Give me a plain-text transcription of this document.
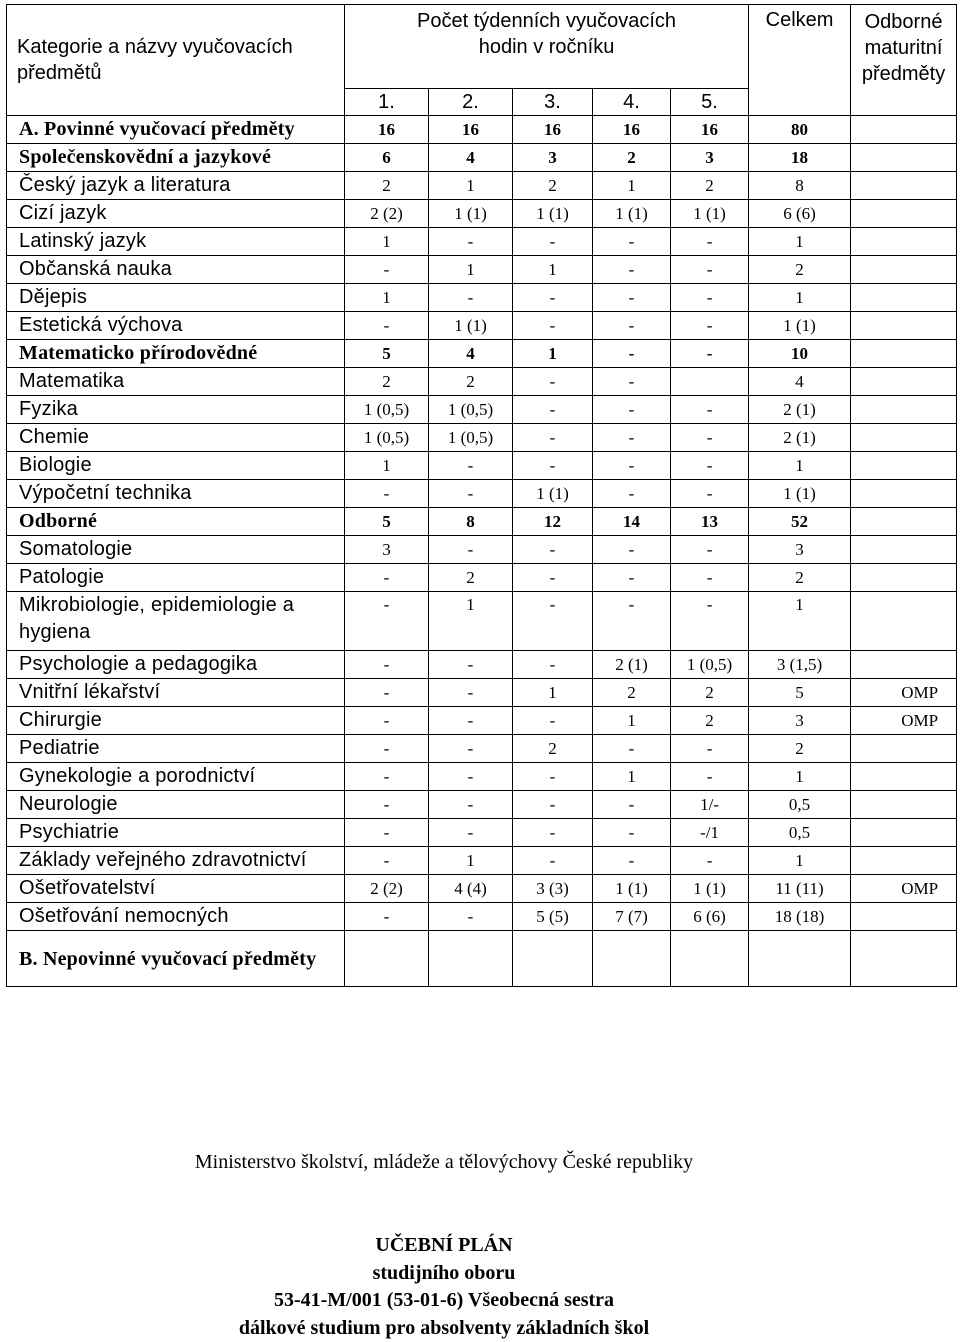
Kategorie a názvy vyučovacích předmětů	Počet týdenních vyučovacích
hodin v ročníku					Celkem	Odborné maturitní předměty
	1.	2.	3.	4.	5.		
A. Povinné vyučovací předměty	16	16	16	16	16	80	
Společenskovědní a jazykové	6	4	3	2	3	18	
Český jazyk a literatura	2	1	2	1	2	8	
Cizí jazyk	2 (2)	1 (1)	1 (1)	1 (1)	1 (1)	6 (6)	
Latinský jazyk	1	-	-	-	-	1	
Občanská nauka	-	1	1	-	-	2	
Dějepis	1	-	-	-	-	1	
Estetická výchova	-	1 (1)	-	-	-	1 (1)	
Matematicko přírodovědné	5	4	1	-	-	10	
Matematika	2	2	-	-		4	
Fyzika	1 (0,5)	1 (0,5)	-	-	-	2 (1)	
Chemie	1 (0,5)	1 (0,5)	-	-	-	2 (1)	
Biologie	1	-	-	-	-	1	
Výpočetní technika	-	-	1 (1)	-	-	1 (1)	
Odborné	5	8	12	14	13	52	
Somatologie	3	-	-	-	-	3	
Patologie	-	2	-	-	-	2	
Mikrobiologie, epidemiologie a hygiena	-	1	-	-	-	1	
Psychologie a pedagogika	-	-	-	2 (1)	1 (0,5)	3 (1,5)	
Vnitřní lékařství	-	-	1	2	2	5	OMP
Chirurgie	-	-	-	1	2	3	OMP
Pediatrie	-	-	2	-	-	2	
Gynekologie a porodnictví	-	-	-	1	-	1	
Neurologie	-	-	-	-	1/-	0,5	
Psychiatrie	-	-	-	-	-/1	0,5	
Základy veřejného zdravotnictví	-	1	-	-	-	1	
Ošetřovatelství	2 (2)	4 (4)	3 (3)	1 (1)	1 (1)	11 (11)	OMP
Ošetřování nemocných	-	-	5 (5)	7 (7)	6 (6)	18 (18)	
B. Nepovinné vyučovací předměty							
Ministerstvo školství, mládeže a tělovýchovy České republiky
UČEBNÍ PLÁN
studijního oboru
53-41-M/001 (53-01-6) Všeobecná sestra
dálkové studium pro absolventy základních škol
